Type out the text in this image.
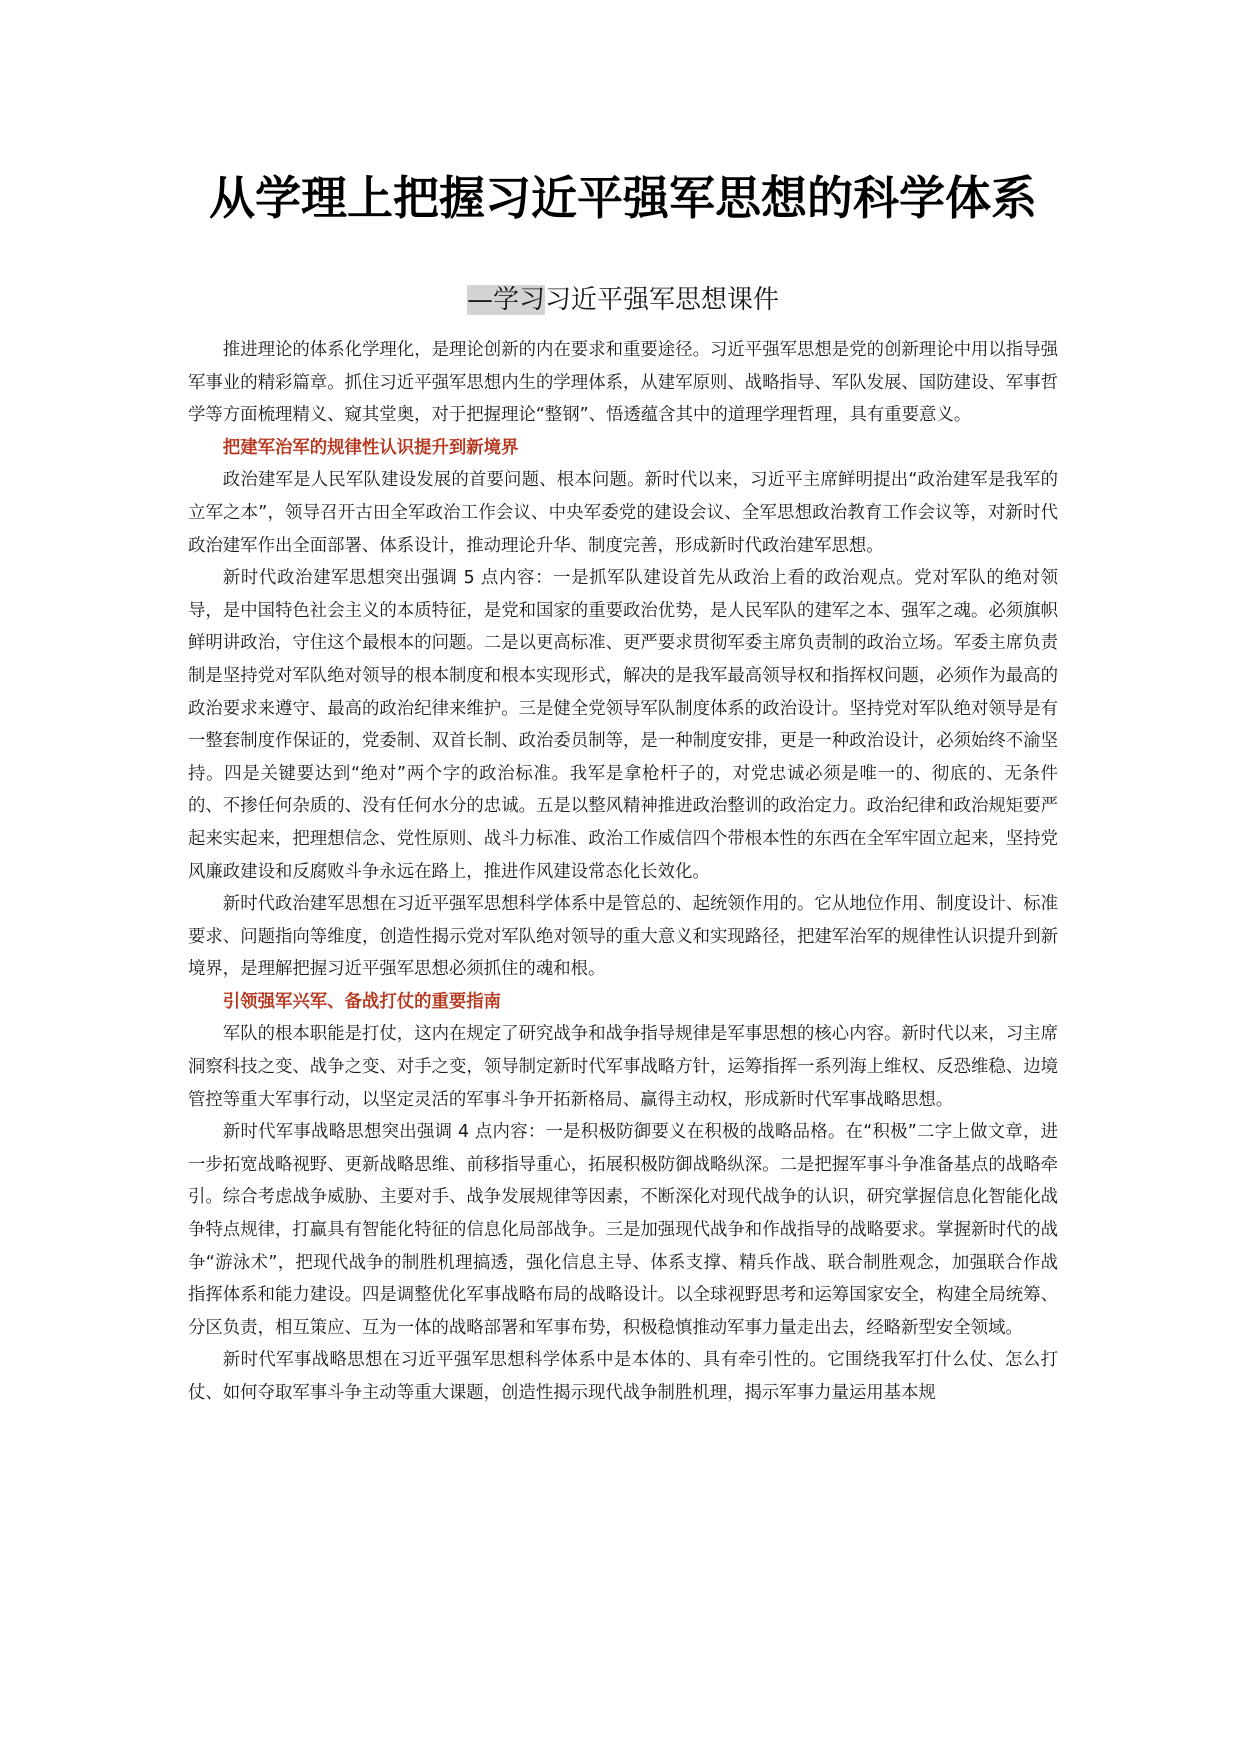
从学理上把握习近平强军思想的科学体系
—学习习近平强军思想课件

推进理论的体系化学理化，是理论创新的内在要求和重要途径。习近平强军思想是党的创新理论中用以指导强军事业的精彩篇章。抓住习近平强军思想内生的学理体系，从建军原则、战略指导、军队发展、国防建设、军事哲学等方面梳理精义、窥其堂奥，对于把握理论“整钢”、悟透蕴含其中的道理学理哲理，具有重要意义。

把建军治军的规律性认识提升到新境界

政治建军是人民军队建设发展的首要问题、根本问题。新时代以来，习近平主席鲜明提出“政治建军是我军的立军之本”，领导召开古田全军政治工作会议、中央军委党的建设会议、全军思想政治教育工作会议等，对新时代政治建军作出全面部署、体系设计，推动理论升华、制度完善，形成新时代政治建军思想。

新时代政治建军思想突出强调 5 点内容：一是抓军队建设首先从政治上看的政治观点。党对军队的绝对领导，是中国特色社会主义的本质特征，是党和国家的重要政治优势，是人民军队的建军之本、强军之魂。必须旗帜鲜明讲政治，守住这个最根本的问题。二是以更高标准、更严要求贯彻军委主席负责制的政治立场。军委主席负责制是坚持党对军队绝对领导的根本制度和根本实现形式，解决的是我军最高领导权和指挥权问题，必须作为最高的政治要求来遵守、最高的政治纪律来维护。三是健全党领导军队制度体系的政治设计。坚持党对军队绝对领导是有一整套制度作保证的，党委制、双首长制、政治委员制等，是一种制度安排，更是一种政治设计，必须始终不渝坚持。四是关键要达到“绝对”两个字的政治标准。我军是拿枪杆子的，对党忠诚必须是唯一的、彻底的、无条件的、不掺任何杂质的、没有任何水分的忠诚。五是以整风精神推进政治整训的政治定力。政治纪律和政治规矩要严起来实起来，把理想信念、党性原则、战斗力标准、政治工作威信四个带根本性的东西在全军牢固立起来，坚持党风廉政建设和反腐败斗争永远在路上，推进作风建设常态化长效化。

新时代政治建军思想在习近平强军思想科学体系中是管总的、起统领作用的。它从地位作用、制度设计、标准要求、问题指向等维度，创造性揭示党对军队绝对领导的重大意义和实现路径，把建军治军的规律性认识提升到新境界，是理解把握习近平强军思想必须抓住的魂和根。

引领强军兴军、备战打仗的重要指南

军队的根本职能是打仗，这内在规定了研究战争和战争指导规律是军事思想的核心内容。新时代以来，习主席洞察科技之变、战争之变、对手之变，领导制定新时代军事战略方针，运筹指挥一系列海上维权、反恐维稳、边境管控等重大军事行动，以坚定灵活的军事斗争开拓新格局、赢得主动权，形成新时代军事战略思想。

新时代军事战略思想突出强调 4 点内容：一是积极防御要义在积极的战略品格。在“积极”二字上做文章，进一步拓宽战略视野、更新战略思维、前移指导重心，拓展积极防御战略纵深。二是把握军事斗争准备基点的战略牵引。综合考虑战争威胁、主要对手、战争发展规律等因素，不断深化对现代战争的认识，研究掌握信息化智能化战争特点规律，打赢具有智能化特征的信息化局部战争。三是加强现代战争和作战指导的战略要求。掌握新时代的战争“游泳术”，把现代战争的制胜机理搞透，强化信息主导、体系支撑、精兵作战、联合制胜观念，加强联合作战指挥体系和能力建设。四是调整优化军事战略布局的战略设计。以全球视野思考和运筹国家安全，构建全局统筹、分区负责，相互策应、互为一体的战略部署和军事布势，积极稳慎推动军事力量走出去，经略新型安全领域。

新时代军事战略思想在习近平强军思想科学体系中是本体的、具有牵引性的。它围绕我军打什么仗、怎么打仗、如何夺取军事斗争主动等重大课题，创造性揭示现代战争制胜机理，揭示军事力量运用基本规
